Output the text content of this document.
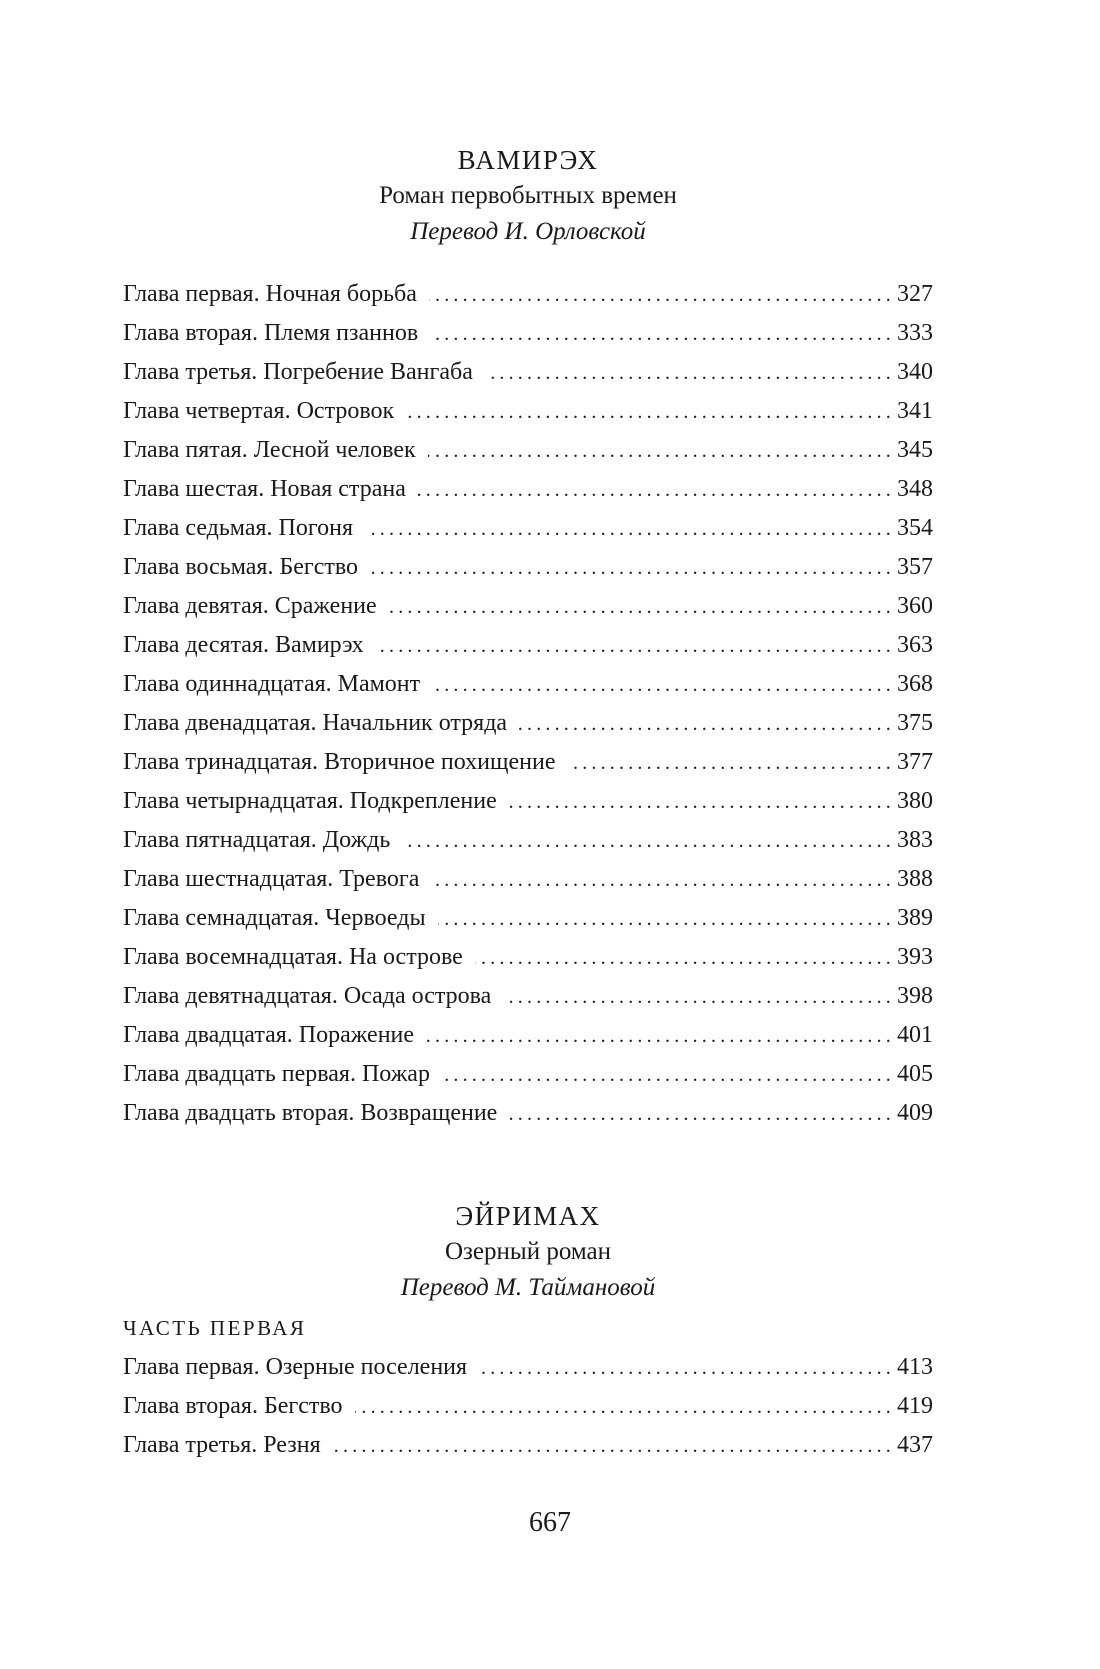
ВАМИРЭХ
Роман первобытных времен
Перевод И. Орловской
Глава первая. Ночная борьба .....	327
Глава вторая. Племя пзаннов .....	333
Глава третья. Погребение Вангаба .....	340
Глава четвертая. Островок .....	341
Глава пятая. Лесной человек .....	345
Глава шестая. Новая страна .....	348
Глава седьмая. Погоня .....	354
Глава восьмая. Бегство .....	357
Глава девятая. Сражение .....	360
Глава десятая. Вамирэх .....	363
Глава одиннадцатая. Мамонт .....	368
Глава двенадцатая. Начальник отряда .....	375
Глава тринадцатая. Вторичное похищение .....	377
Глава четырнадцатая. Подкрепление .....	380
Глава пятнадцатая. Дождь .....	383
Глава шестнадцатая. Тревога .....	388
Глава семнадцатая. Червоеды .....	389
Глава восемнадцатая. На острове .....	393
Глава девятнадцатая. Осада острова .....	398
Глава двадцатая. Поражение .....	401
Глава двадцать первая. Пожар .....	405
Глава двадцать вторая. Возвращение .....	409
ЭЙРИМАХ
Озерный роман
Перевод М. Таймановой
ЧАСТЬ ПЕРВАЯ
Глава первая. Озерные поселения .....	413
Глава вторая. Бегство .....	419
Глава третья. Резня .....	437
667
